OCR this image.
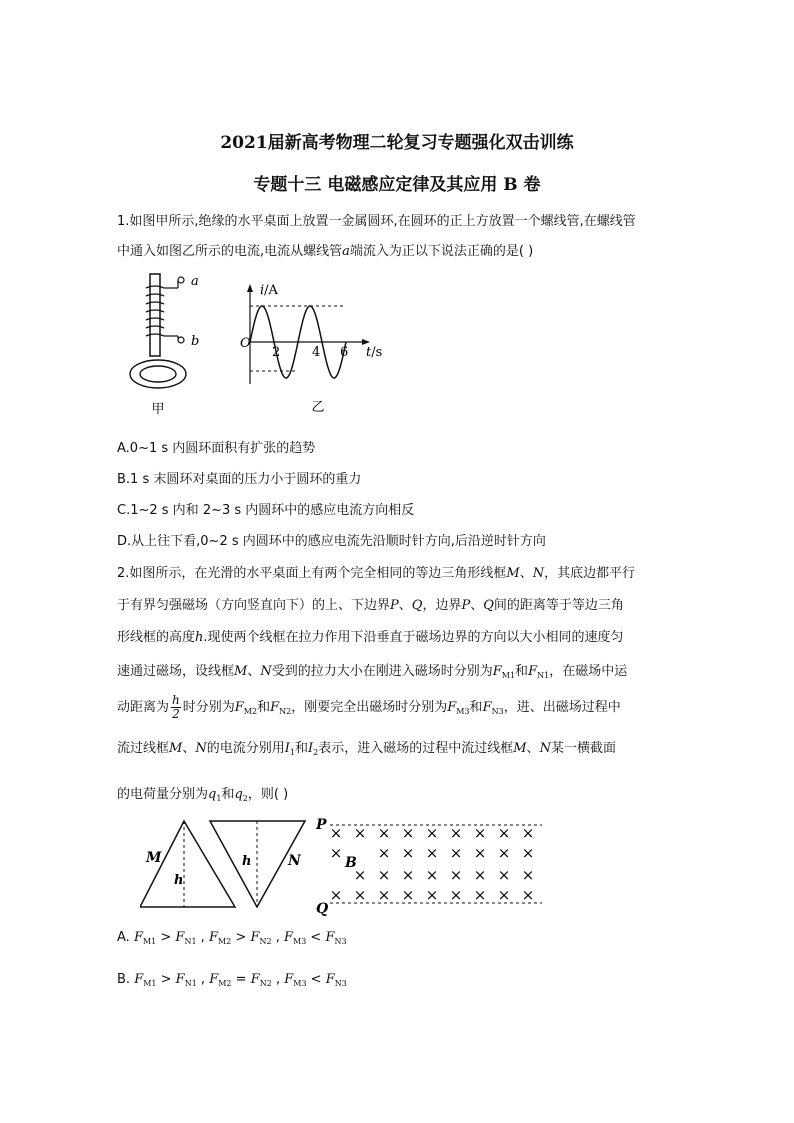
2021届新高考物理二轮复习专题强化双击训练
专题十三 电磁感应定律及其应用 B 卷
1.如图甲所示,绝缘的水平桌面上放置一金属圆环,在圆环的正上方放置一个螺线管,在螺线管
中通入如图乙所示的电流,电流从螺线管a端流入为正以下说法正确的是( )
a
b
甲
i/A
O
2 4 6 t/s
乙
A.0~1 s 内圆环面积有扩张的趋势
B.1 s 末圆环对桌面的压力小于圆环的重力
C.1~2 s 内和 2~3 s 内圆环中的感应电流方向相反
D.从上往下看,0~2 s 内圆环中的感应电流先沿顺时针方向,后沿逆时针方向
2.如图所示，在光滑的水平桌面上有两个完全相同的等边三角形线框M、N，其底边都平行
于有界匀强磁场（方向竖直向下）的上、下边界P、Q，边界P、Q间的距离等于等边三角
形线框的高度h.现使两个线框在拉力作用下沿垂直于磁场边界的方向以大小相同的速度匀
速通过磁场，设线框M、N受到的拉力大小在刚进入磁场时分别为$F_{M1}$和$F_{N1}$，在磁场中运
动距离为 $\frac{h}{2}$ 时分别为$F_{M2}$和$F_{N2}$，刚要完全出磁场时分别为$F_{M3}$和$F_{N3}$，进、出磁场过程中
流过线框M、N的电流分别用$I_1$和$I_2$表示，进入磁场的过程中流过线框M、N某一横截面
的电荷量分别为$q_1$和$q_2$，则( )
M
h
h	N
P
Q
× × × × × × × × ×
× × × × × × × ×
× × × × × × × ×
× × × × × × × × ×
B
A. $F_{M1} > F_{N1}$ , $F_{M2} > F_{N2}$ , $F_{M3} < F_{N3}$
B. $F_{M1} > F_{N1}$ , $F_{M2} = F_{N2}$ , $F_{M3} < F_{N3}$
